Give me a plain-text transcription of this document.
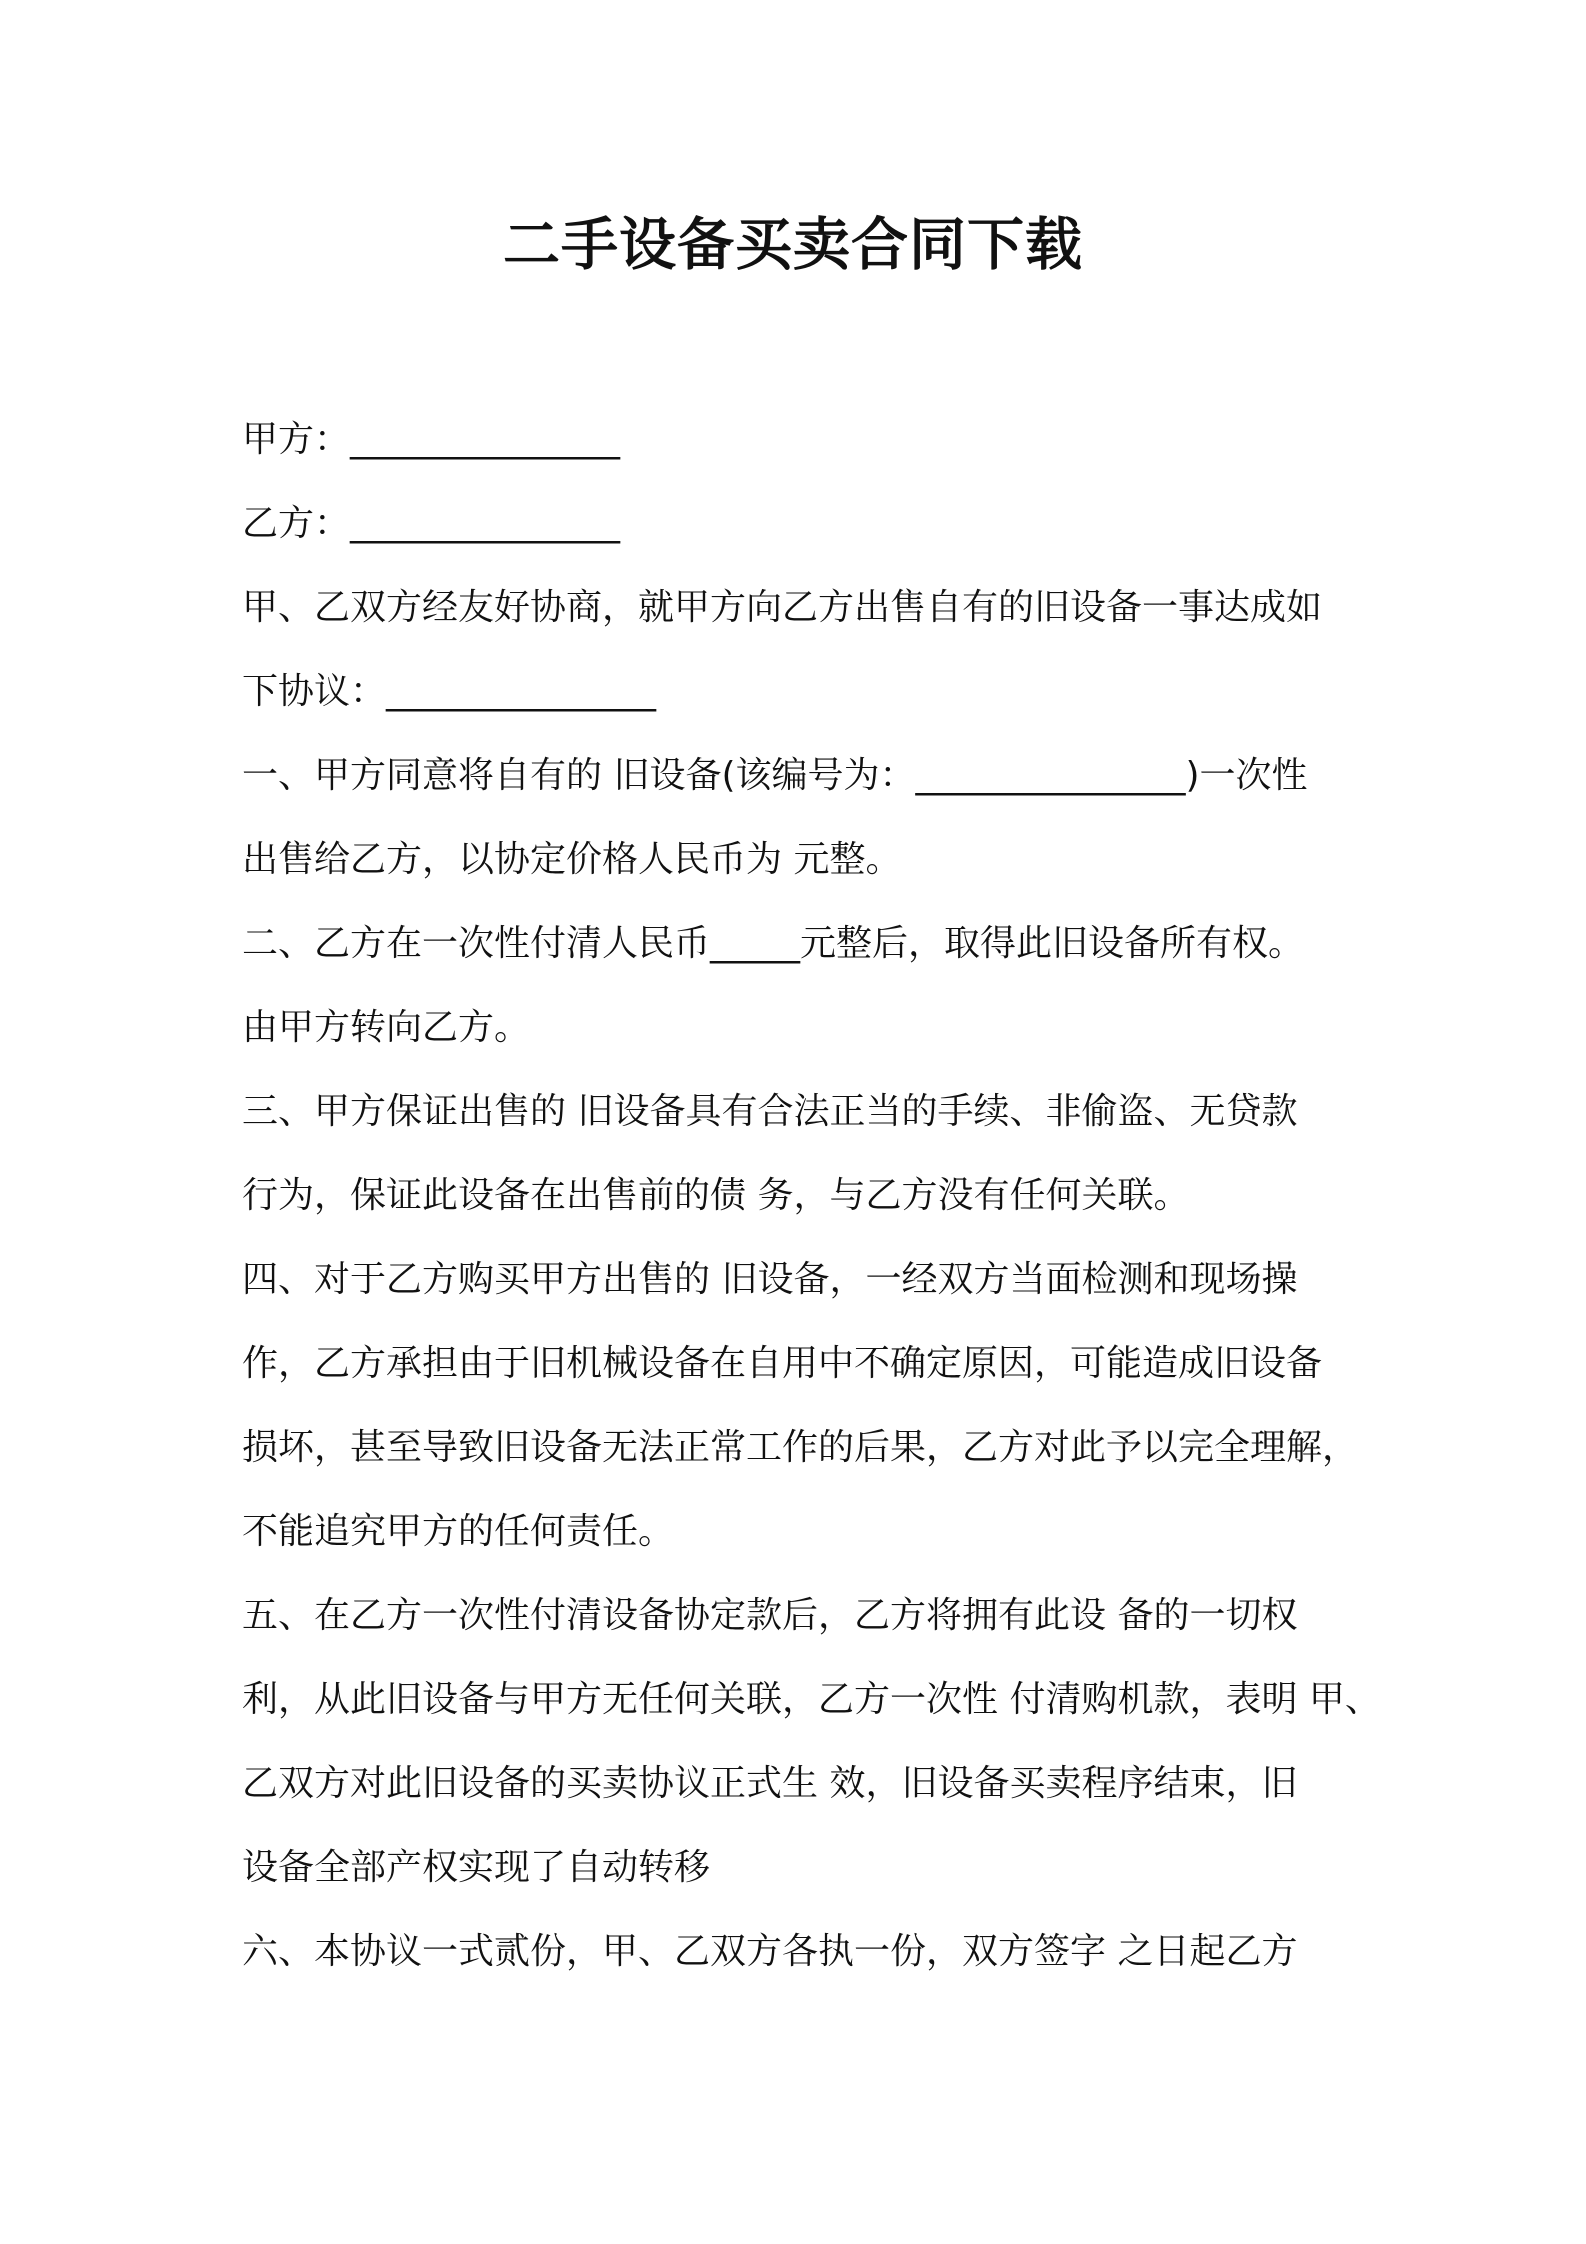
二手设备买卖合同下载

甲方：_______________

乙方：_______________

甲、乙双方经友好协商，就甲方向乙方出售自有的旧设备一事达成如

下协议：_______________

一、甲方同意将自有的 旧设备(该编号为：_______________)一次性

出售给乙方，以协定价格人民币为 元整。

二、乙方在一次性付清人民币_____元整后，取得此旧设备所有权。

由甲方转向乙方。

三、甲方保证出售的 旧设备具有合法正当的手续、非偷盗、无贷款

行为，保证此设备在出售前的债 务，与乙方没有任何关联。

四、对于乙方购买甲方出售的 旧设备，一经双方当面检测和现场操

作，乙方承担由于旧机械设备在自用中不确定原因，可能造成旧设备

损坏，甚至导致旧设备无法正常工作的后果，乙方对此予以完全理解，

不能追究甲方的任何责任。

五、在乙方一次性付清设备协定款后，乙方将拥有此设 备的一切权

利，从此旧设备与甲方无任何关联，乙方一次性 付清购机款，表明 甲、

乙双方对此旧设备的买卖协议正式生 效，旧设备买卖程序结束，旧

设备全部产权实现了自动转移

六、本协议一式贰份，甲、乙双方各执一份，双方签字 之日起乙方
